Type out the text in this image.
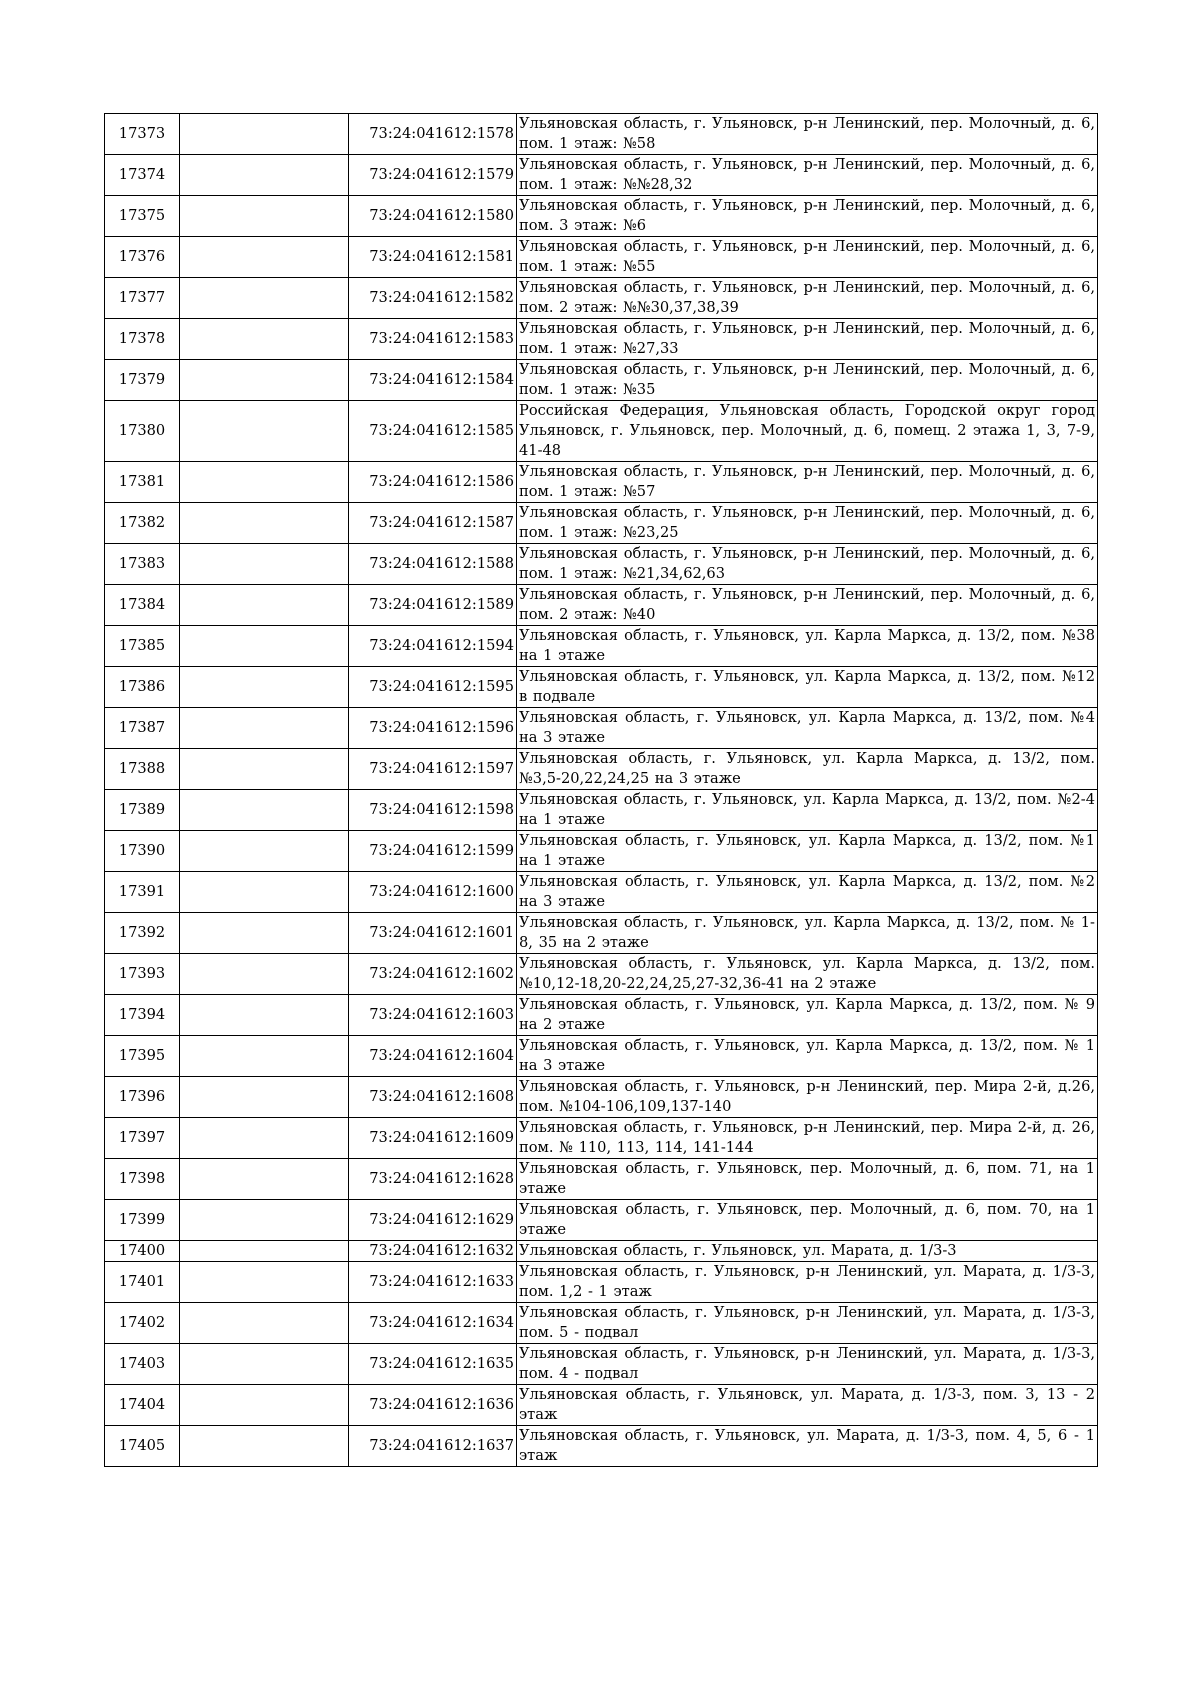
17373		73:24:041612:1578	Ульяновская область, г. Ульяновск, р-н Ленинский, пер. Молочный, д. 6, пом. 1 этаж: №58
17374		73:24:041612:1579	Ульяновская область, г. Ульяновск, р-н Ленинский, пер. Молочный, д. 6, пом. 1 этаж: №№28,32
17375		73:24:041612:1580	Ульяновская область, г. Ульяновск, р-н Ленинский, пер. Молочный, д. 6, пом. 3 этаж: №6
17376		73:24:041612:1581	Ульяновская область, г. Ульяновск, р-н Ленинский, пер. Молочный, д. 6, пом. 1 этаж: №55
17377		73:24:041612:1582	Ульяновская область, г. Ульяновск, р-н Ленинский, пер. Молочный, д. 6, пом. 2 этаж: №№30,37,38,39
17378		73:24:041612:1583	Ульяновская область, г. Ульяновск, р-н Ленинский, пер. Молочный, д. 6, пом. 1 этаж: №27,33
17379		73:24:041612:1584	Ульяновская область, г. Ульяновск, р-н Ленинский, пер. Молочный, д. 6, пом. 1 этаж: №35
17380		73:24:041612:1585	Российская Федерация, Ульяновская область, Городской округ город Ульяновск, г. Ульяновск, пер. Молочный, д. 6, помещ. 2 этажа 1, 3, 7-9, 41-48
17381		73:24:041612:1586	Ульяновская область, г. Ульяновск, р-н Ленинский, пер. Молочный, д. 6, пом. 1 этаж: №57
17382		73:24:041612:1587	Ульяновская область, г. Ульяновск, р-н Ленинский, пер. Молочный, д. 6, пом. 1 этаж: №23,25
17383		73:24:041612:1588	Ульяновская область, г. Ульяновск, р-н Ленинский, пер. Молочный, д. 6, пом. 1 этаж: №21,34,62,63
17384		73:24:041612:1589	Ульяновская область, г. Ульяновск, р-н Ленинский, пер. Молочный, д. 6, пом. 2 этаж: №40
17385		73:24:041612:1594	Ульяновская область, г. Ульяновск, ул. Карла Маркса, д. 13/2, пом. №38 на 1 этаже
17386		73:24:041612:1595	Ульяновская область, г. Ульяновск, ул. Карла Маркса, д. 13/2, пом. №12 в подвале
17387		73:24:041612:1596	Ульяновская область, г. Ульяновск, ул. Карла Маркса, д. 13/2, пом. №4 на 3 этаже
17388		73:24:041612:1597	Ульяновская область, г. Ульяновск, ул. Карла Маркса, д. 13/2, пом. №3,5-20,22,24,25 на 3 этаже
17389		73:24:041612:1598	Ульяновская область, г. Ульяновск, ул. Карла Маркса, д. 13/2, пом. №2-4 на 1 этаже
17390		73:24:041612:1599	Ульяновская область, г. Ульяновск, ул. Карла Маркса, д. 13/2, пом. №1 на 1 этаже
17391		73:24:041612:1600	Ульяновская область, г. Ульяновск, ул. Карла Маркса, д. 13/2, пом. №2 на 3 этаже
17392		73:24:041612:1601	Ульяновская область, г. Ульяновск, ул. Карла Маркса, д. 13/2, пом. № 1-8, 35 на 2 этаже
17393		73:24:041612:1602	Ульяновская область, г. Ульяновск, ул. Карла Маркса, д. 13/2, пом. №10,12-18,20-22,24,25,27-32,36-41 на 2 этаже
17394		73:24:041612:1603	Ульяновская область, г. Ульяновск, ул. Карла Маркса, д. 13/2, пом. № 9 на 2 этаже
17395		73:24:041612:1604	Ульяновская область, г. Ульяновск, ул. Карла Маркса, д. 13/2, пом. № 1 на 3 этаже
17396		73:24:041612:1608	Ульяновская область, г. Ульяновск, р-н Ленинский, пер. Мира 2-й, д.26, пом. №104-106,109,137-140
17397		73:24:041612:1609	Ульяновская область, г. Ульяновск, р-н Ленинский, пер. Мира 2-й, д. 26, пом. № 110, 113, 114, 141-144
17398		73:24:041612:1628	Ульяновская область, г. Ульяновск, пер. Молочный, д. 6, пом. 71, на 1 этаже
17399		73:24:041612:1629	Ульяновская область, г. Ульяновск, пер. Молочный, д. 6, пом. 70, на 1 этаже
17400		73:24:041612:1632	Ульяновская область, г. Ульяновск, ул. Марата, д. 1/3-3
17401		73:24:041612:1633	Ульяновская область, г. Ульяновск, р-н Ленинский, ул. Марата, д. 1/3-3, пом. 1,2 - 1 этаж
17402		73:24:041612:1634	Ульяновская область, г. Ульяновск, р-н Ленинский, ул. Марата, д. 1/3-3, пом. 5 - подвал
17403		73:24:041612:1635	Ульяновская область, г. Ульяновск, р-н Ленинский, ул. Марата, д. 1/3-3, пом. 4 - подвал
17404		73:24:041612:1636	Ульяновская область, г. Ульяновск, ул. Марата, д. 1/3-3, пом. 3, 13 - 2 этаж
17405		73:24:041612:1637	Ульяновская область, г. Ульяновск, ул. Марата, д. 1/3-3, пом. 4, 5, 6 - 1 этаж
